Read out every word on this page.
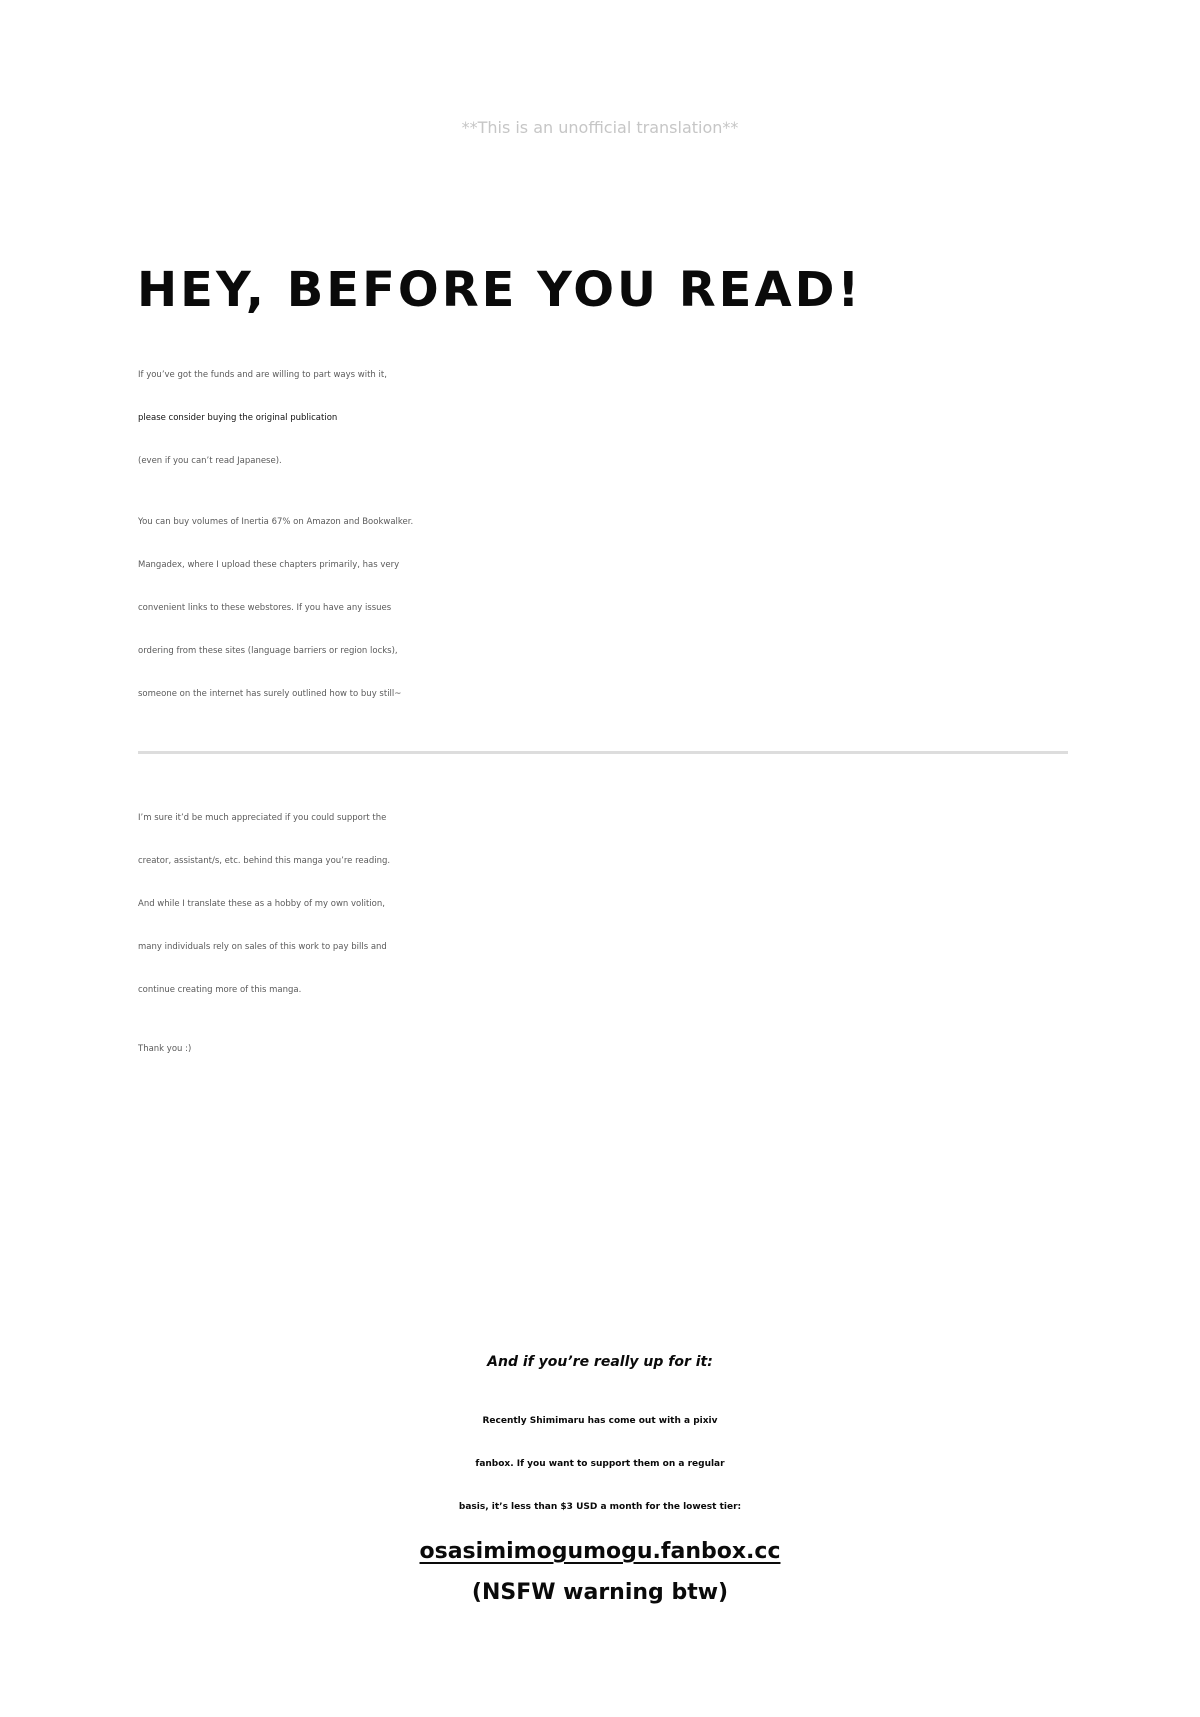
**This is an unofficial translation**
HEY, BEFORE YOU READ!
If you’ve got the funds and are willing to part ways with it,
please consider buying the original publication
(even if you can’t read Japanese).
You can buy volumes of Inertia 67% on Amazon and Bookwalker.
Mangadex, where I upload these chapters primarily, has very
convenient links to these webstores. If you have any issues
ordering from these sites (language barriers or region locks),
someone on the internet has surely outlined how to buy still~
I’m sure it’d be much appreciated if you could support the
creator, assistant/s, etc. behind this manga you’re reading.
And while I translate these as a hobby of my own volition,
many individuals rely on sales of this work to pay bills and
continue creating more of this manga.
Thank you :)
And if you’re really up for it:
Recently Shimimaru has come out with a pixiv
fanbox. If you want to support them on a regular
basis, it’s less than $3 USD a month for the lowest tier:
osasimimogumogu.fanbox.cc
(NSFW warning btw)
